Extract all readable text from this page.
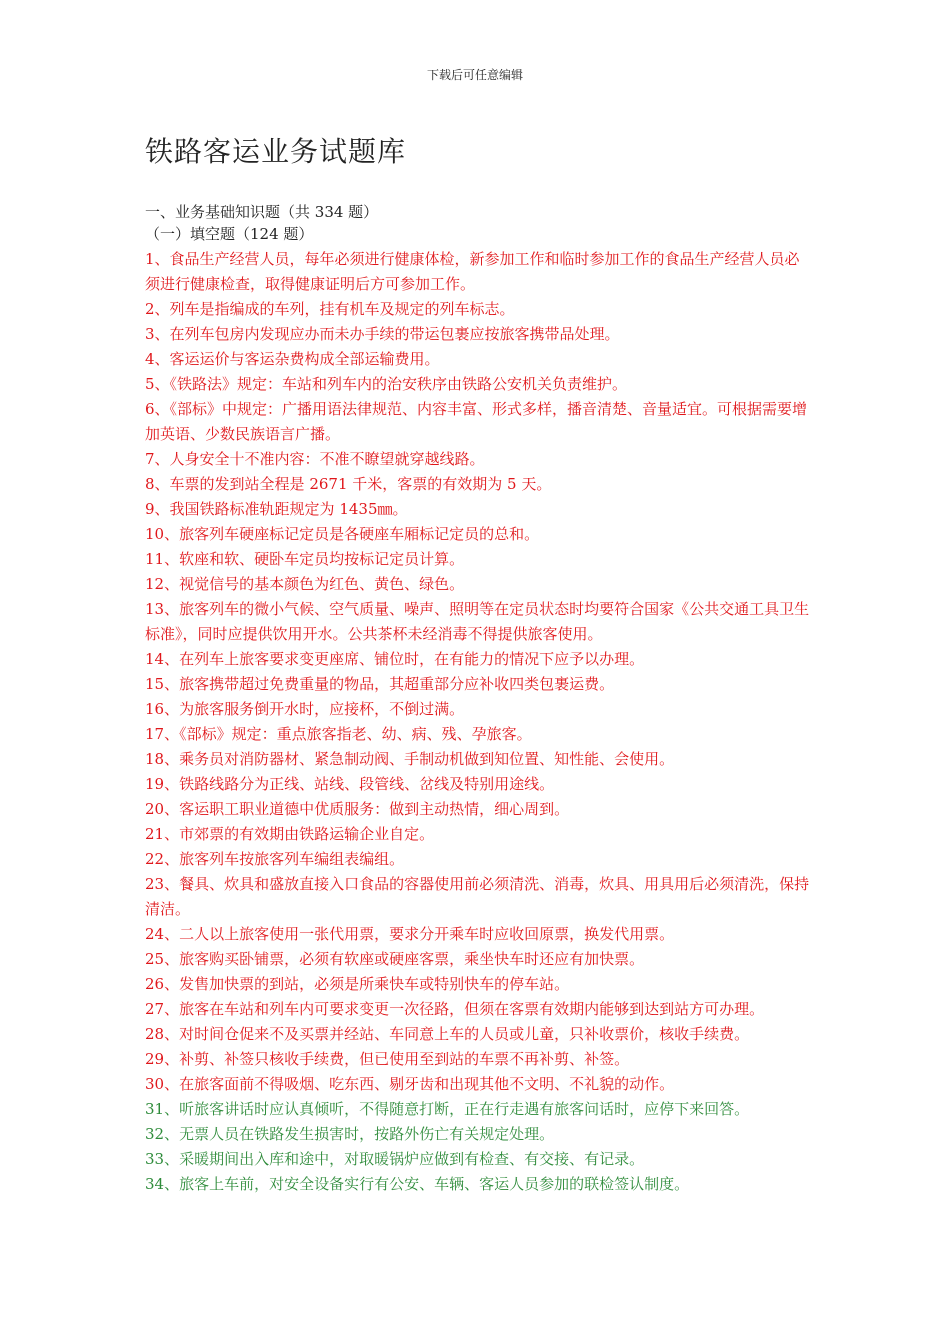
下载后可任意编辑
铁路客运业务试题库
一、业务基础知识题（共 334 题）
（一）填空题（124 题）
1、食品生产经营人员，每年必须进行健康体检，新参加工作和临时参加工作的食品生产经营人员必须进行健康检查，取得健康证明后方可参加工作。
2、列车是指编成的车列，挂有机车及规定的列车标志。
3、在列车包房内发现应办而未办手续的带运包裹应按旅客携带品处理。
4、客运运价与客运杂费构成全部运输费用。
5、《铁路法》规定：车站和列车内的治安秩序由铁路公安机关负责维护。
6、《部标》中规定：广播用语法律规范、内容丰富、形式多样，播音清楚、音量适宜。可根据需要增加英语、少数民族语言广播。
7、人身安全十不准内容：不准不瞭望就穿越线路。
8、车票的发到站全程是 2671 千米，客票的有效期为 5 天。
9、我国铁路标准轨距规定为 1435㎜。
10、旅客列车硬座标记定员是各硬座车厢标记定员的总和。
11、软座和软、硬卧车定员均按标记定员计算。
12、视觉信号的基本颜色为红色、黄色、绿色。
13、旅客列车的微小气候、空气质量、噪声、照明等在定员状态时均要符合国家《公共交通工具卫生标准》，同时应提供饮用开水。公共茶杯未经消毒不得提供旅客使用。
14、在列车上旅客要求变更座席、铺位时，在有能力的情况下应予以办理。
15、旅客携带超过免费重量的物品，其超重部分应补收四类包裹运费。
16、为旅客服务倒开水时，应接杯，不倒过满。
17、《部标》规定：重点旅客指老、幼、病、残、孕旅客。
18、乘务员对消防器材、紧急制动阀、手制动机做到知位置、知性能、会使用。
19、铁路线路分为正线、站线、段管线、岔线及特别用途线。
20、客运职工职业道德中优质服务：做到主动热情，细心周到。
21、市郊票的有效期由铁路运输企业自定。
22、旅客列车按旅客列车编组表编组。
23、餐具、炊具和盛放直接入口食品的容器使用前必须清洗、消毒，炊具、用具用后必须清洗，保持清洁。
24、二人以上旅客使用一张代用票，要求分开乘车时应收回原票，换发代用票。
25、旅客购买卧铺票，必须有软座或硬座客票，乘坐快车时还应有加快票。
26、发售加快票的到站，必须是所乘快车或特别快车的停车站。
27、旅客在车站和列车内可要求变更一次径路，但须在客票有效期内能够到达到站方可办理。
28、对时间仓促来不及买票并经站、车同意上车的人员或儿童，只补收票价，核收手续费。
29、补剪、补签只核收手续费，但已使用至到站的车票不再补剪、补签。
30、在旅客面前不得吸烟、吃东西、剔牙齿和出现其他不文明、不礼貌的动作。
31、听旅客讲话时应认真倾听，不得随意打断，正在行走遇有旅客问话时，应停下来回答。
32、无票人员在铁路发生损害时，按路外伤亡有关规定处理。
33、采暖期间出入库和途中，对取暖锅炉应做到有检查、有交接、有记录。
34、旅客上车前，对安全设备实行有公安、车辆、客运人员参加的联检签认制度。
